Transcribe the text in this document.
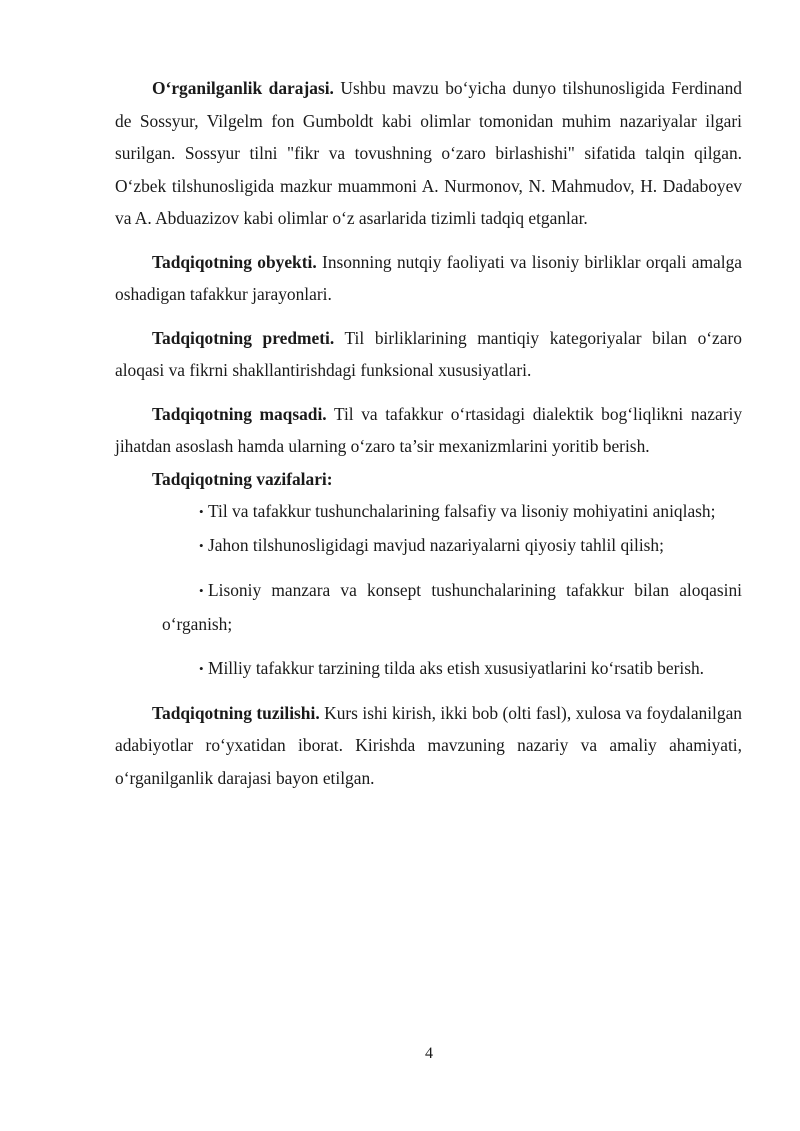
O‘rganilganlik darajasi. Ushbu mavzu bo‘yicha dunyo tilshunosligida Ferdinand de Sossyur, Vilgelm fon Gumboldt kabi olimlar tomonidan muhim nazariyalar ilgari surilgan. Sossyur tilni "fikr va tovushning o‘zaro birlashishi" sifatida talqin qilgan. O‘zbek tilshunosligida mazkur muammoni A. Nurmonov, N. Mahmudov, H. Dadaboyev va A. Abduazizov kabi olimlar o‘z asarlarida tizimli tadqiq etganlar.

Tadqiqotning obyekti. Insonning nutqiy faoliyati va lisoniy birliklar orqali amalga oshadigan tafakkur jarayonlari.

Tadqiqotning predmeti. Til birliklarining mantiqiy kategoriyalar bilan o‘zaro aloqasi va fikrni shakllantirishdagi funksional xususiyatlari.

Tadqiqotning maqsadi. Til va tafakkur o‘rtasidagi dialektik bog‘liqlikni nazariy jihatdan asoslash hamda ularning o‘zaro ta’sir mexanizmlarini yoritib berish.

Tadqiqotning vazifalari:

• Til va tafakkur tushunchalarining falsafiy va lisoniy mohiyatini aniqlash;
• Jahon tilshunosligidagi mavjud nazariyalarni qiyosiy tahlil qilish;
• Lisoniy manzara va konsept tushunchalarining tafakkur bilan aloqasini o‘rganish;
• Milliy tafakkur tarzining tilda aks etish xususiyatlarini ko‘rsatib berish.

Tadqiqotning tuzilishi. Kurs ishi kirish, ikki bob (olti fasl), xulosa va foydalanilgan adabiyotlar ro‘yxatidan iborat. Kirishda mavzuning nazariy va amaliy ahamiyati, o‘rganilganlik darajasi bayon etilgan.

4
